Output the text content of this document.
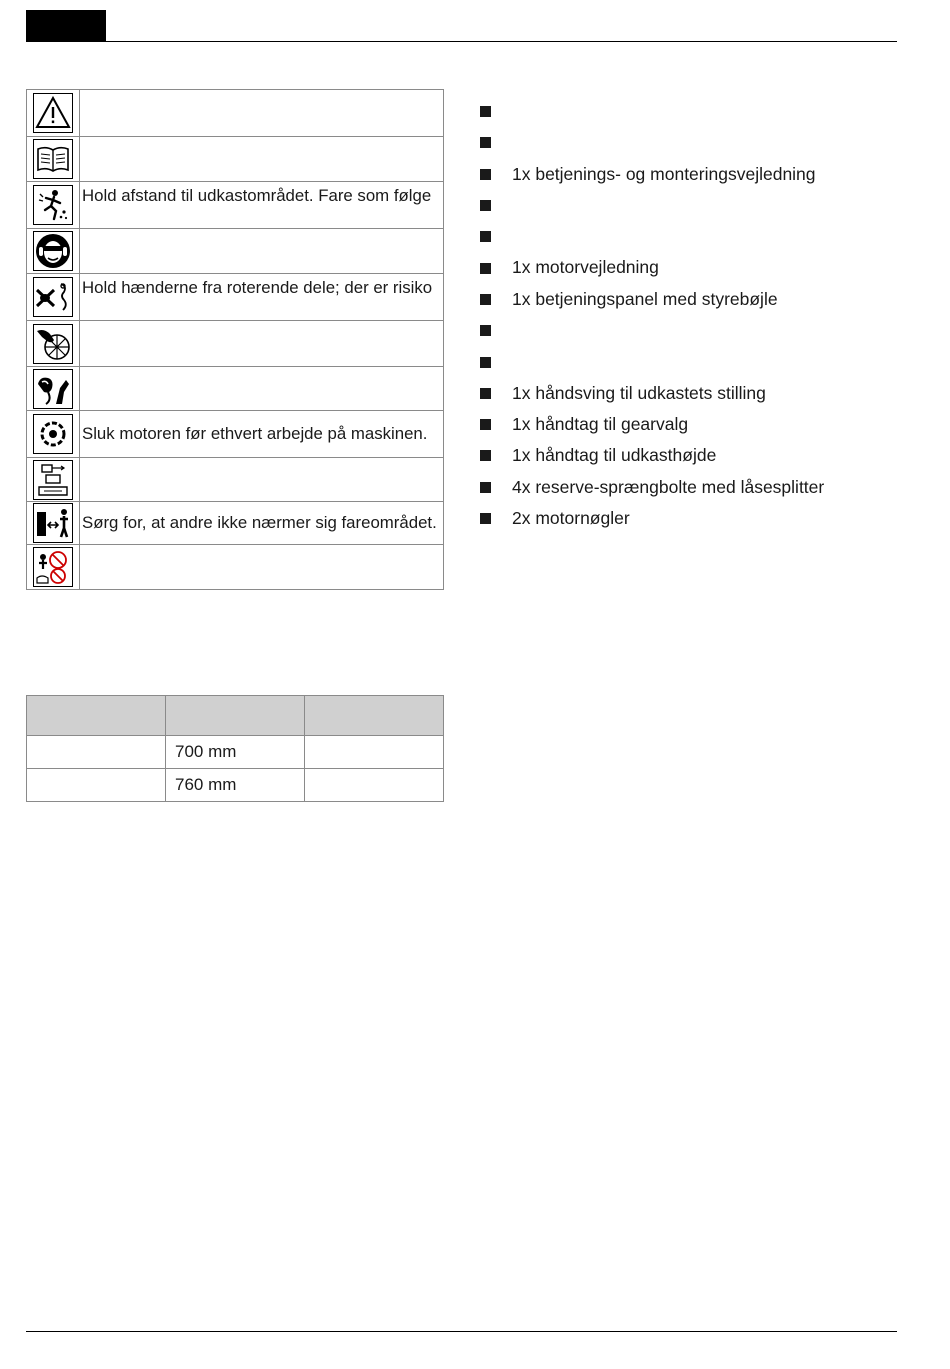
	Hold afstand til udkastområdet. Fare som følge

	Hold hænderne fra roterende dele; der er risiko

	Sluk motoren før ethvert arbejde på maskinen.

	Sørg for, at andre ikke nærmer sig fareområdet.

	700 mm	
	760 mm	
1x betjenings- og monteringsvejledning
1x motorvejledning
1x betjeningspanel med styrebøjle
1x håndsving til udkastets stilling
1x håndtag til gearvalg
1x håndtag til udkasthøjde
4x reserve-sprængbolte med låsesplitter
2x motornøgler
